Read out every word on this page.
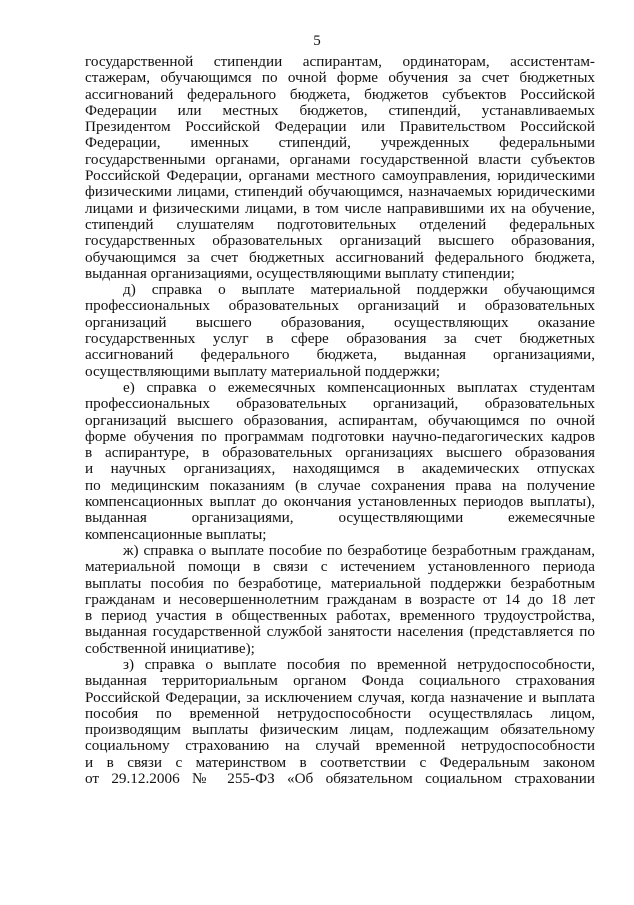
5
государственной стипендии аспирантам, ординаторам, ассистентам-
стажерам, обучающимся по очной форме обучения за счет бюджетных
ассигнований федерального бюджета, бюджетов субъектов Российской
Федерации или местных бюджетов, стипендий, устанавливаемых
Президентом Российской Федерации или Правительством Российской
Федерации, именных стипендий, учрежденных федеральными
государственными органами, органами государственной власти субъектов
Российской Федерации, органами местного самоуправления, юридическими
физическими лицами, стипендий обучающимся, назначаемых юридическими
лицами и физическими лицами, в том числе направившими их на обучение,
стипендий слушателям подготовительных отделений федеральных
государственных образовательных организаций высшего образования,
обучающимся за счет бюджетных ассигнований федерального бюджета,
выданная организациями, осуществляющими выплату стипендии;
д) справка о выплате материальной поддержки обучающимся
профессиональных образовательных организаций и образовательных
организаций высшего образования, осуществляющих оказание
государственных услуг в сфере образования за счет бюджетных
ассигнований федерального бюджета, выданная организациями,
осуществляющими выплату материальной поддержки;
е) справка о ежемесячных компенсационных выплатах студентам
профессиональных образовательных организаций, образовательных
организаций высшего образования, аспирантам, обучающимся по очной
форме обучения по программам подготовки научно-педагогических кадров
в аспирантуре, в образовательных организациях высшего образования
и научных организациях, находящимся в академических отпусках
по медицинским показаниям (в случае сохранения права на получение
компенсационных выплат до окончания установленных периодов выплаты),
выданная организациями, осуществляющими ежемесячные
компенсационные выплаты;
ж) справка о выплате пособие по безработице безработным гражданам,
материальной помощи в связи с истечением установленного периода
выплаты пособия по безработице, материальной поддержки безработным
гражданам и несовершеннолетним гражданам в возрасте от 14 до 18 лет
в период участия в общественных работах, временного трудоустройства,
выданная государственной службой занятости населения (представляется по
собственной инициативе);
з) справка о выплате пособия по временной нетрудоспособности,
выданная территориальным органом Фонда социального страхования
Российской Федерации, за исключением случая, когда назначение и выплата
пособия по временной нетрудоспособности осуществлялась лицом,
производящим выплаты физическим лицам, подлежащим обязательному
социальному страхованию на случай временной нетрудоспособности
и в связи с материнством в соответствии с Федеральным законом
от 29.12.2006 № 255-ФЗ «Об обязательном социальном страховании
